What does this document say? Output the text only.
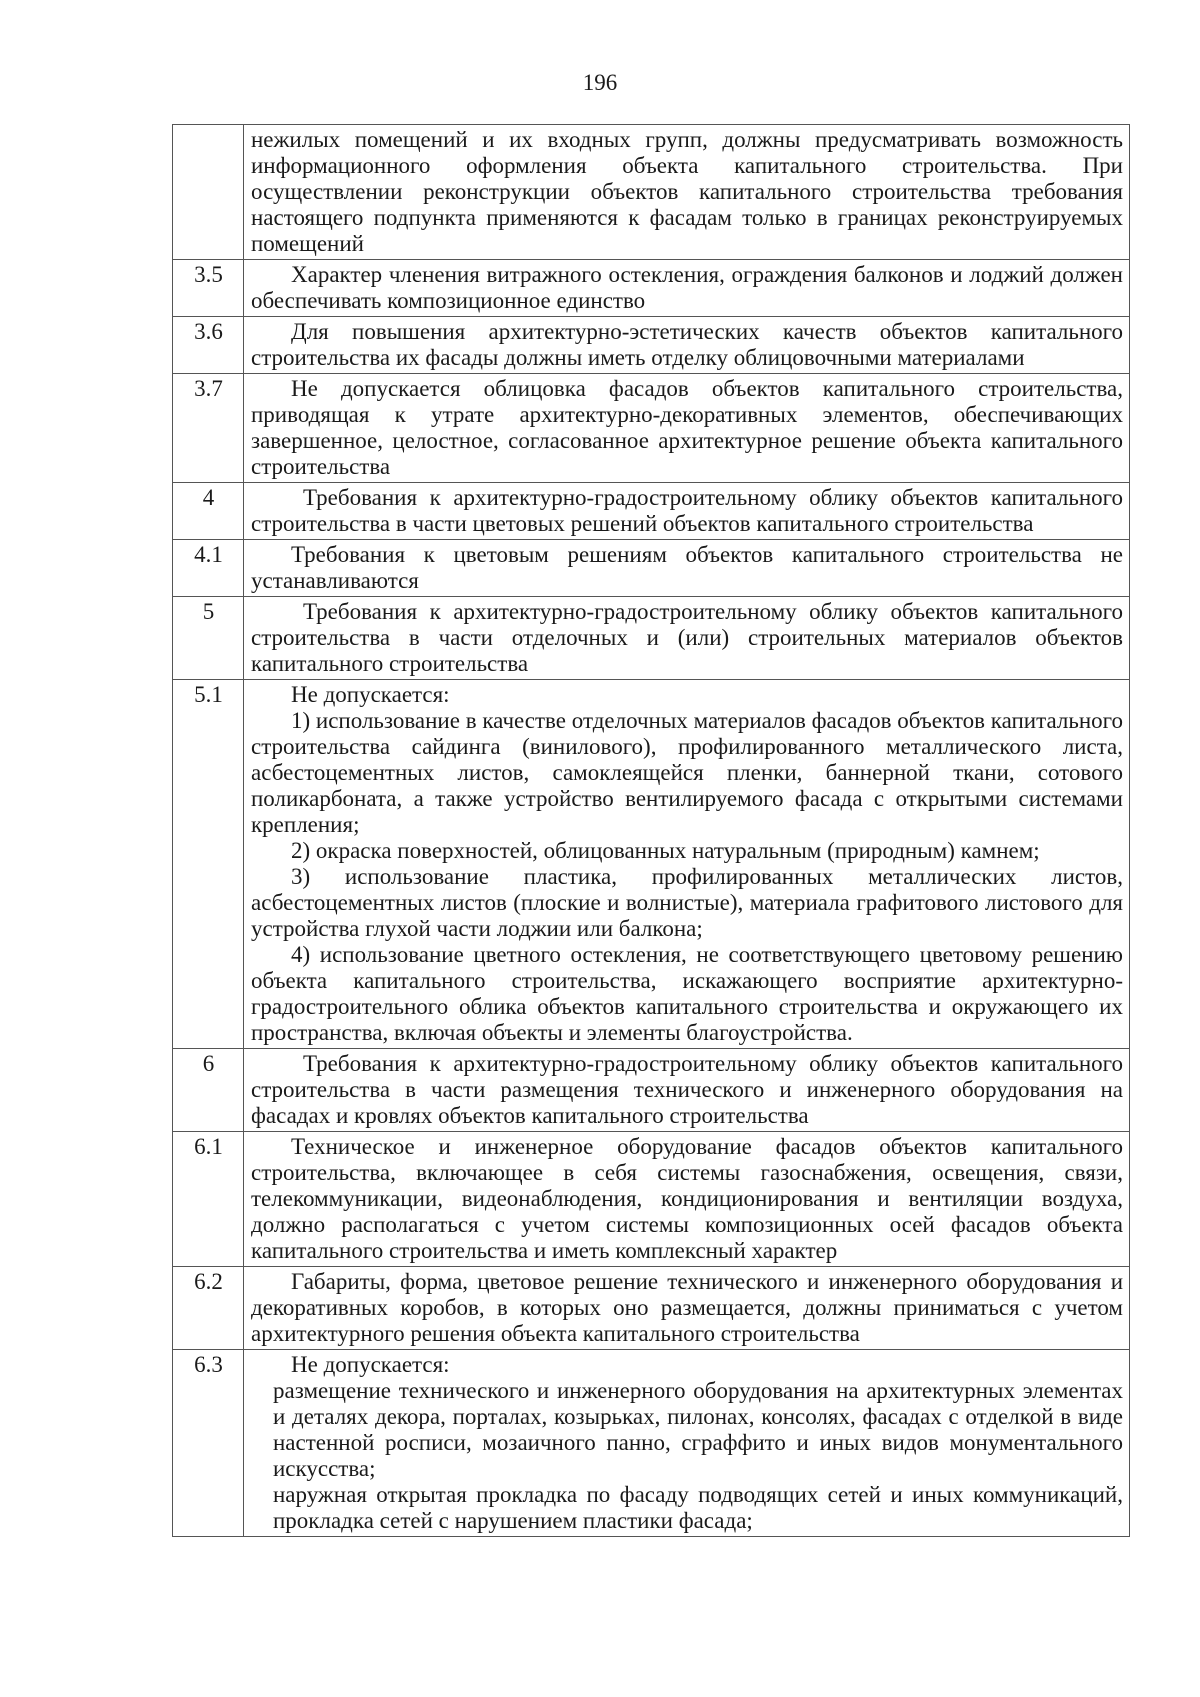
196

	нежилых помещений и их входных групп, должны предусматривать возможность информационного оформления объекта капитального строительства. При осуществлении реконструкции объектов капитального строительства требования настоящего подпункта применяются к фасадам только в границах реконструируемых помещений

3.5	Характер членения витражного остекления, ограждения балконов и лоджий должен обеспечивать композиционное единство

3.6	Для повышения архитектурно-эстетических качеств объектов капитального строительства их фасады должны иметь отделку облицовочными материалами

3.7	Не допускается облицовка фасадов объектов капитального строительства, приводящая к утрате архитектурно-декоративных элементов, обеспечивающих завершенное, целостное, согласованное архитектурное решение объекта капитального строительства

4	Требования к архитектурно-градостроительному облику объектов капитального строительства в части цветовых решений объектов капитального строительства

4.1	Требования к цветовым решениям объектов капитального строительства не устанавливаются

5	Требования к архитектурно-градостроительному облику объектов капитального строительства в части отделочных и (или) строительных материалов объектов капитального строительства

5.1	Не допускается:
1) использование в качестве отделочных материалов фасадов объектов капитального строительства сайдинга (винилового), профилированного металлического листа, асбестоцементных листов, самоклеящейся пленки, баннерной ткани, сотового поликарбоната, а также устройство вентилируемого фасада с открытыми системами крепления;
2) окраска поверхностей, облицованных натуральным (природным) камнем;
3) использование пластика, профилированных металлических листов, асбестоцементных листов (плоские и волнистые), материала графитового листового для устройства глухой части лоджии или балкона;
4) использование цветного остекления, не соответствующего цветовому решению объекта капитального строительства, искажающего восприятие архитектурно-градостроительного облика объектов капитального строительства и окружающего их пространства, включая объекты и элементы благоустройства.

6	Требования к архитектурно-градостроительному облику объектов капитального строительства в части размещения технического и инженерного оборудования на фасадах и кровлях объектов капитального строительства

6.1	Техническое и инженерное оборудование фасадов объектов капитального строительства, включающее в себя системы газоснабжения, освещения, связи, телекоммуникации, видеонаблюдения, кондиционирования и вентиляции воздуха, должно располагаться с учетом системы композиционных осей фасадов объекта капитального строительства и иметь комплексный характер

6.2	Габариты, форма, цветовое решение технического и инженерного оборудования и декоративных коробов, в которых оно размещается, должны приниматься с учетом архитектурного решения объекта капитального строительства

6.3	Не допускается:
размещение технического и инженерного оборудования на архитектурных элементах и деталях декора, порталах, козырьках, пилонах, консолях, фасадах с отделкой в виде настенной росписи, мозаичного панно, сграффито и иных видов монументального искусства;
наружная открытая прокладка по фасаду подводящих сетей и иных коммуникаций, прокладка сетей с нарушением пластики фасада;
